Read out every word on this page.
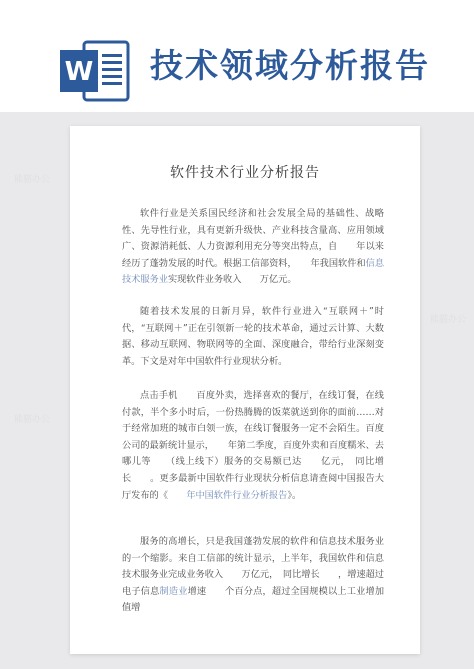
W 技术领域分析报告
熊猫办公
熊猫办公
熊猫办公
软件技术行业分析报告

软件行业是关系国民经济和社会发展全局的基础性、战略性、先导性行业，具有更新升级快、产业科技含量高、应用领域广、资源消耗低、人力资源利用充分等突出特点，自　　年以来经历了蓬勃发展的时代。根据工信部资料，　　年我国软件和信息技术服务业实现软件业务收入　　万亿元。

随着技术发展的日新月异，软件行业进入“互联网＋”时代，“互联网＋”正在引领新一轮的技术革命，通过云计算、大数据、移动互联网、物联网等的全面、深度融合，带给行业深刻变革。下文是对年中国软件行业现状分析。

点击手机　　百度外卖，选择喜欢的餐厅，在线订餐，在线付款，半个多小时后，一份热腾腾的饭菜就送到你的面前……对于经常加班的城市白领一族，在线订餐服务一定不会陌生。百度公司的最新统计显示，　　年第二季度，百度外卖和百度糯米、去哪儿等　　（线上线下）服务的交易额已达　　亿元，　同比增长　　。更多最新中国软件行业现状分析信息请查阅中国报告大厅发布的《　　年中国软件行业分析报告》。

服务的高增长，只是我国蓬勃发展的软件和信息技术服务业的一个缩影。来自工信部的统计显示，上半年，我国软件和信息技术服务业完成业务收入　　万亿元，　同比增长　　，增速超过电子信息制造业增速　　个百分点，超过全国规模以上工业增加值增
